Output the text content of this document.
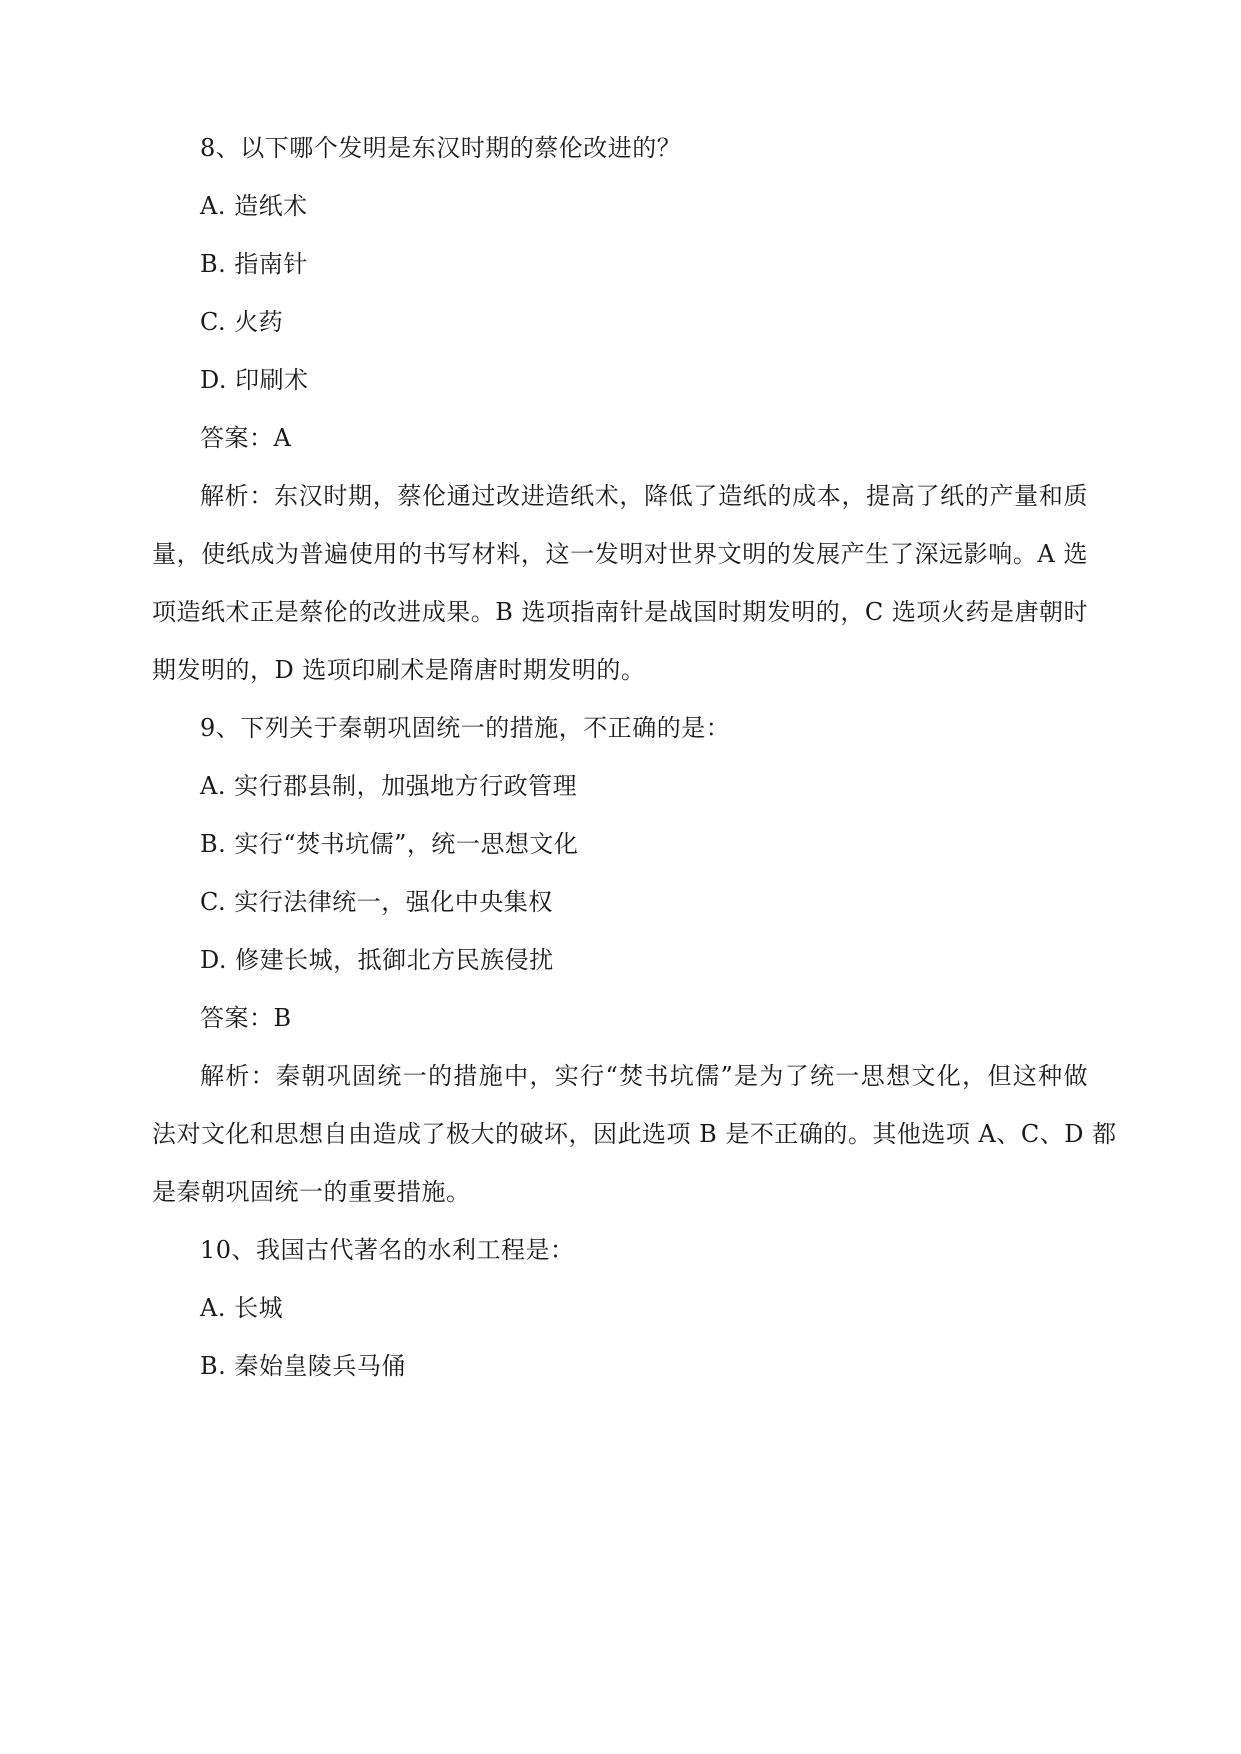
8、以下哪个发明是东汉时期的蔡伦改进的？
A. 造纸术
B. 指南针
C. 火药
D. 印刷术
答案：A
解析：东汉时期，蔡伦通过改进造纸术，降低了造纸的成本，提高了纸的产量和质
量，使纸成为普遍使用的书写材料，这一发明对世界文明的发展产生了深远影响。A 选
项造纸术正是蔡伦的改进成果。B 选项指南针是战国时期发明的，C 选项火药是唐朝时
期发明的，D 选项印刷术是隋唐时期发明的。
9、下列关于秦朝巩固统一的措施，不正确的是：
A. 实行郡县制，加强地方行政管理
B. 实行“焚书坑儒”，统一思想文化
C. 实行法律统一，强化中央集权
D. 修建长城，抵御北方民族侵扰
答案：B
解析：秦朝巩固统一的措施中，实行“焚书坑儒”是为了统一思想文化，但这种做
法对文化和思想自由造成了极大的破坏，因此选项 B 是不正确的。其他选项 A、C、D 都
是秦朝巩固统一的重要措施。
10、我国古代著名的水利工程是：
A. 长城
B. 秦始皇陵兵马俑
